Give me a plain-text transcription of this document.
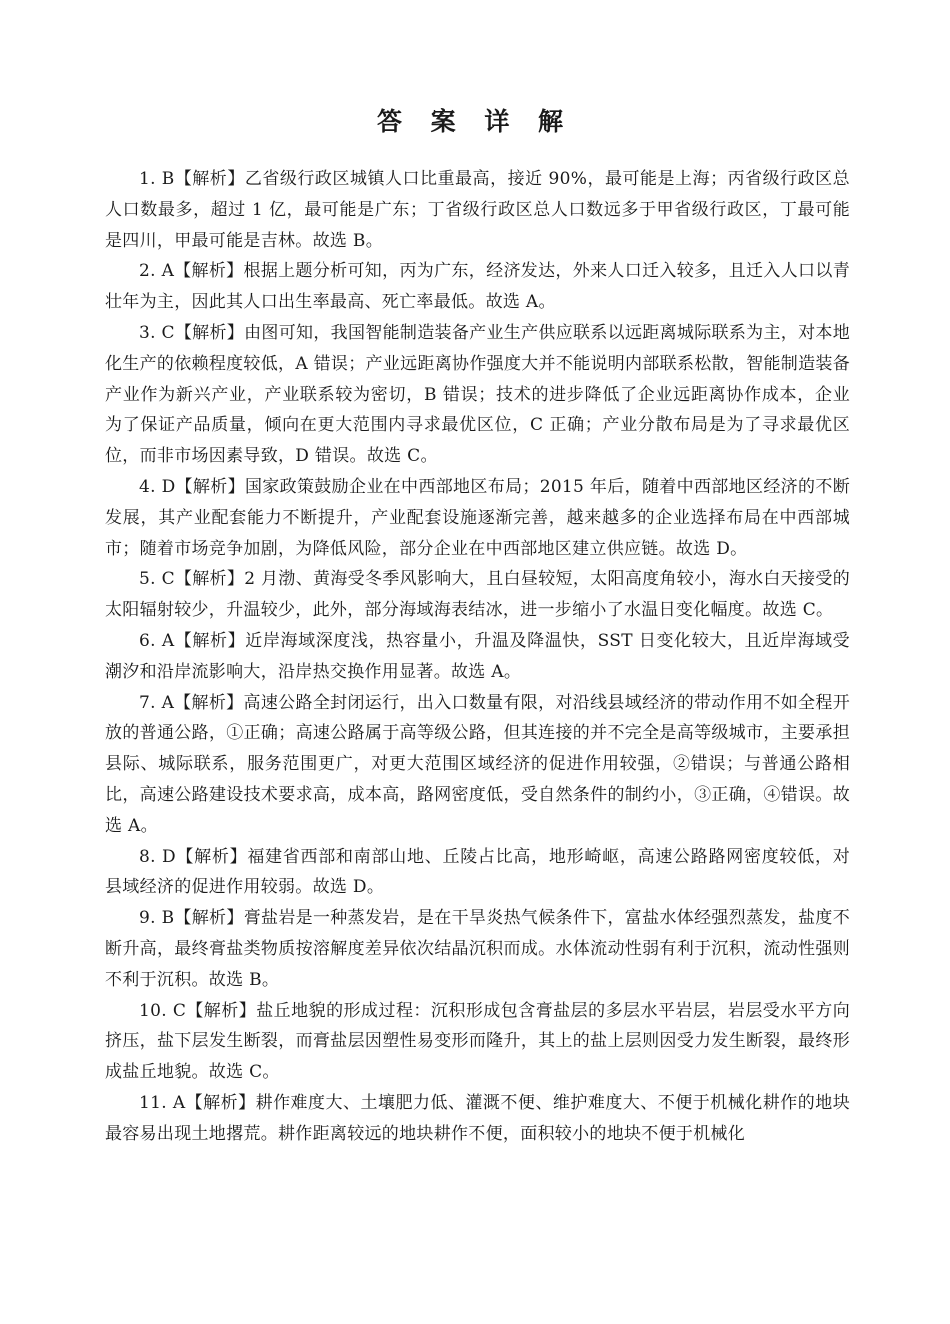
答 案 详 解

1. B【解析】乙省级行政区城镇人口比重最高，接近 90%，最可能是上海；丙省级行政区总人口数最多，超过 1 亿，最可能是广东；丁省级行政区总人口数远多于甲省级行政区，丁最可能是四川，甲最可能是吉林。故选 B。

2. A【解析】根据上题分析可知，丙为广东，经济发达，外来人口迁入较多，且迁入人口以青壮年为主，因此其人口出生率最高、死亡率最低。故选 A。

3. C【解析】由图可知，我国智能制造装备产业生产供应联系以远距离城际联系为主，对本地化生产的依赖程度较低，A 错误；产业远距离协作强度大并不能说明内部联系松散，智能制造装备产业作为新兴产业，产业联系较为密切，B 错误；技术的进步降低了企业远距离协作成本，企业为了保证产品质量，倾向在更大范围内寻求最优区位，C 正确；产业分散布局是为了寻求最优区位，而非市场因素导致，D 错误。故选 C。

4. D【解析】国家政策鼓励企业在中西部地区布局；2015 年后，随着中西部地区经济的不断发展，其产业配套能力不断提升，产业配套设施逐渐完善，越来越多的企业选择布局在中西部城市；随着市场竞争加剧，为降低风险，部分企业在中西部地区建立供应链。故选 D。

5. C【解析】2 月渤、黄海受冬季风影响大，且白昼较短，太阳高度角较小，海水白天接受的太阳辐射较少，升温较少，此外，部分海域海表结冰，进一步缩小了水温日变化幅度。故选 C。

6. A【解析】近岸海域深度浅，热容量小，升温及降温快，SST 日变化较大，且近岸海域受潮汐和沿岸流影响大，沿岸热交换作用显著。故选 A。

7. A【解析】高速公路全封闭运行，出入口数量有限，对沿线县域经济的带动作用不如全程开放的普通公路，①正确；高速公路属于高等级公路，但其连接的并不完全是高等级城市，主要承担县际、城际联系，服务范围更广，对更大范围区域经济的促进作用较强，②错误；与普通公路相比，高速公路建设技术要求高，成本高，路网密度低，受自然条件的制约小，③正确，④错误。故选 A。

8. D【解析】福建省西部和南部山地、丘陵占比高，地形崎岖，高速公路路网密度较低，对县域经济的促进作用较弱。故选 D。

9. B【解析】膏盐岩是一种蒸发岩，是在干旱炎热气候条件下，富盐水体经强烈蒸发，盐度不断升高，最终膏盐类物质按溶解度差异依次结晶沉积而成。水体流动性弱有利于沉积，流动性强则不利于沉积。故选 B。

10. C【解析】盐丘地貌的形成过程：沉积形成包含膏盐层的多层水平岩层，岩层受水平方向挤压，盐下层发生断裂，而膏盐层因塑性易变形而隆升，其上的盐上层则因受力发生断裂，最终形成盐丘地貌。故选 C。

11. A【解析】耕作难度大、土壤肥力低、灌溉不便、维护难度大、不便于机械化耕作的地块最容易出现土地撂荒。耕作距离较远的地块耕作不便，面积较小的地块不便于机械化
